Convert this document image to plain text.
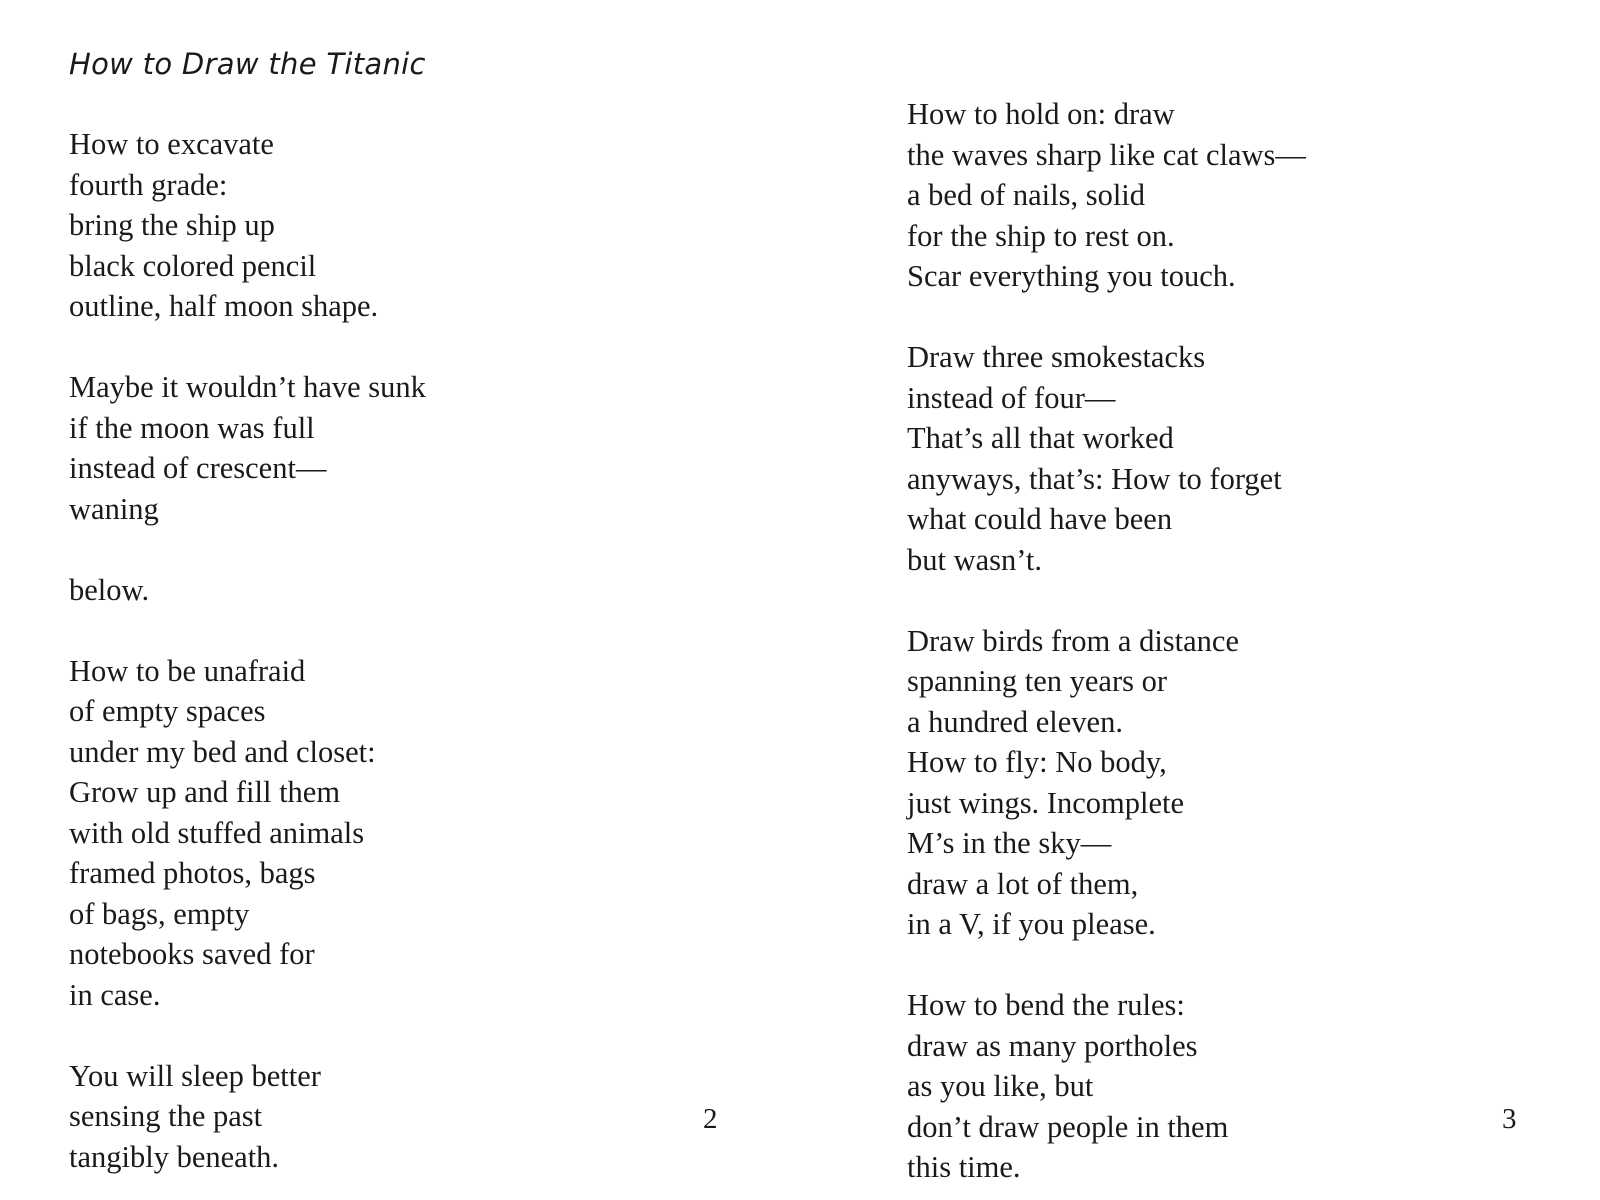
How to Draw the Titanic
How to excavate
fourth grade:
bring the ship up
black colored pencil
outline, half moon shape.
Maybe it wouldn’t have sunk
if the moon was full
instead of crescent—
waning
below.
How to be unafraid
of empty spaces
under my bed and closet:
Grow up and fill them
with old stuffed animals
framed photos, bags
of bags, empty
notebooks saved for
in case.
You will sleep better
sensing the past
tangibly beneath.
2
How to hold on: draw
the waves sharp like cat claws—
a bed of nails, solid
for the ship to rest on.
Scar everything you touch.
Draw three smokestacks
instead of four—
That’s all that worked
anyways, that’s: How to forget
what could have been
but wasn’t.
Draw birds from a distance
spanning ten years or
a hundred eleven.
How to fly: No body,
just wings. Incomplete
M’s in the sky—
draw a lot of them,
in a V, if you please.
How to bend the rules:
draw as many portholes
as you like, but
don’t draw people in them
this time.
3
